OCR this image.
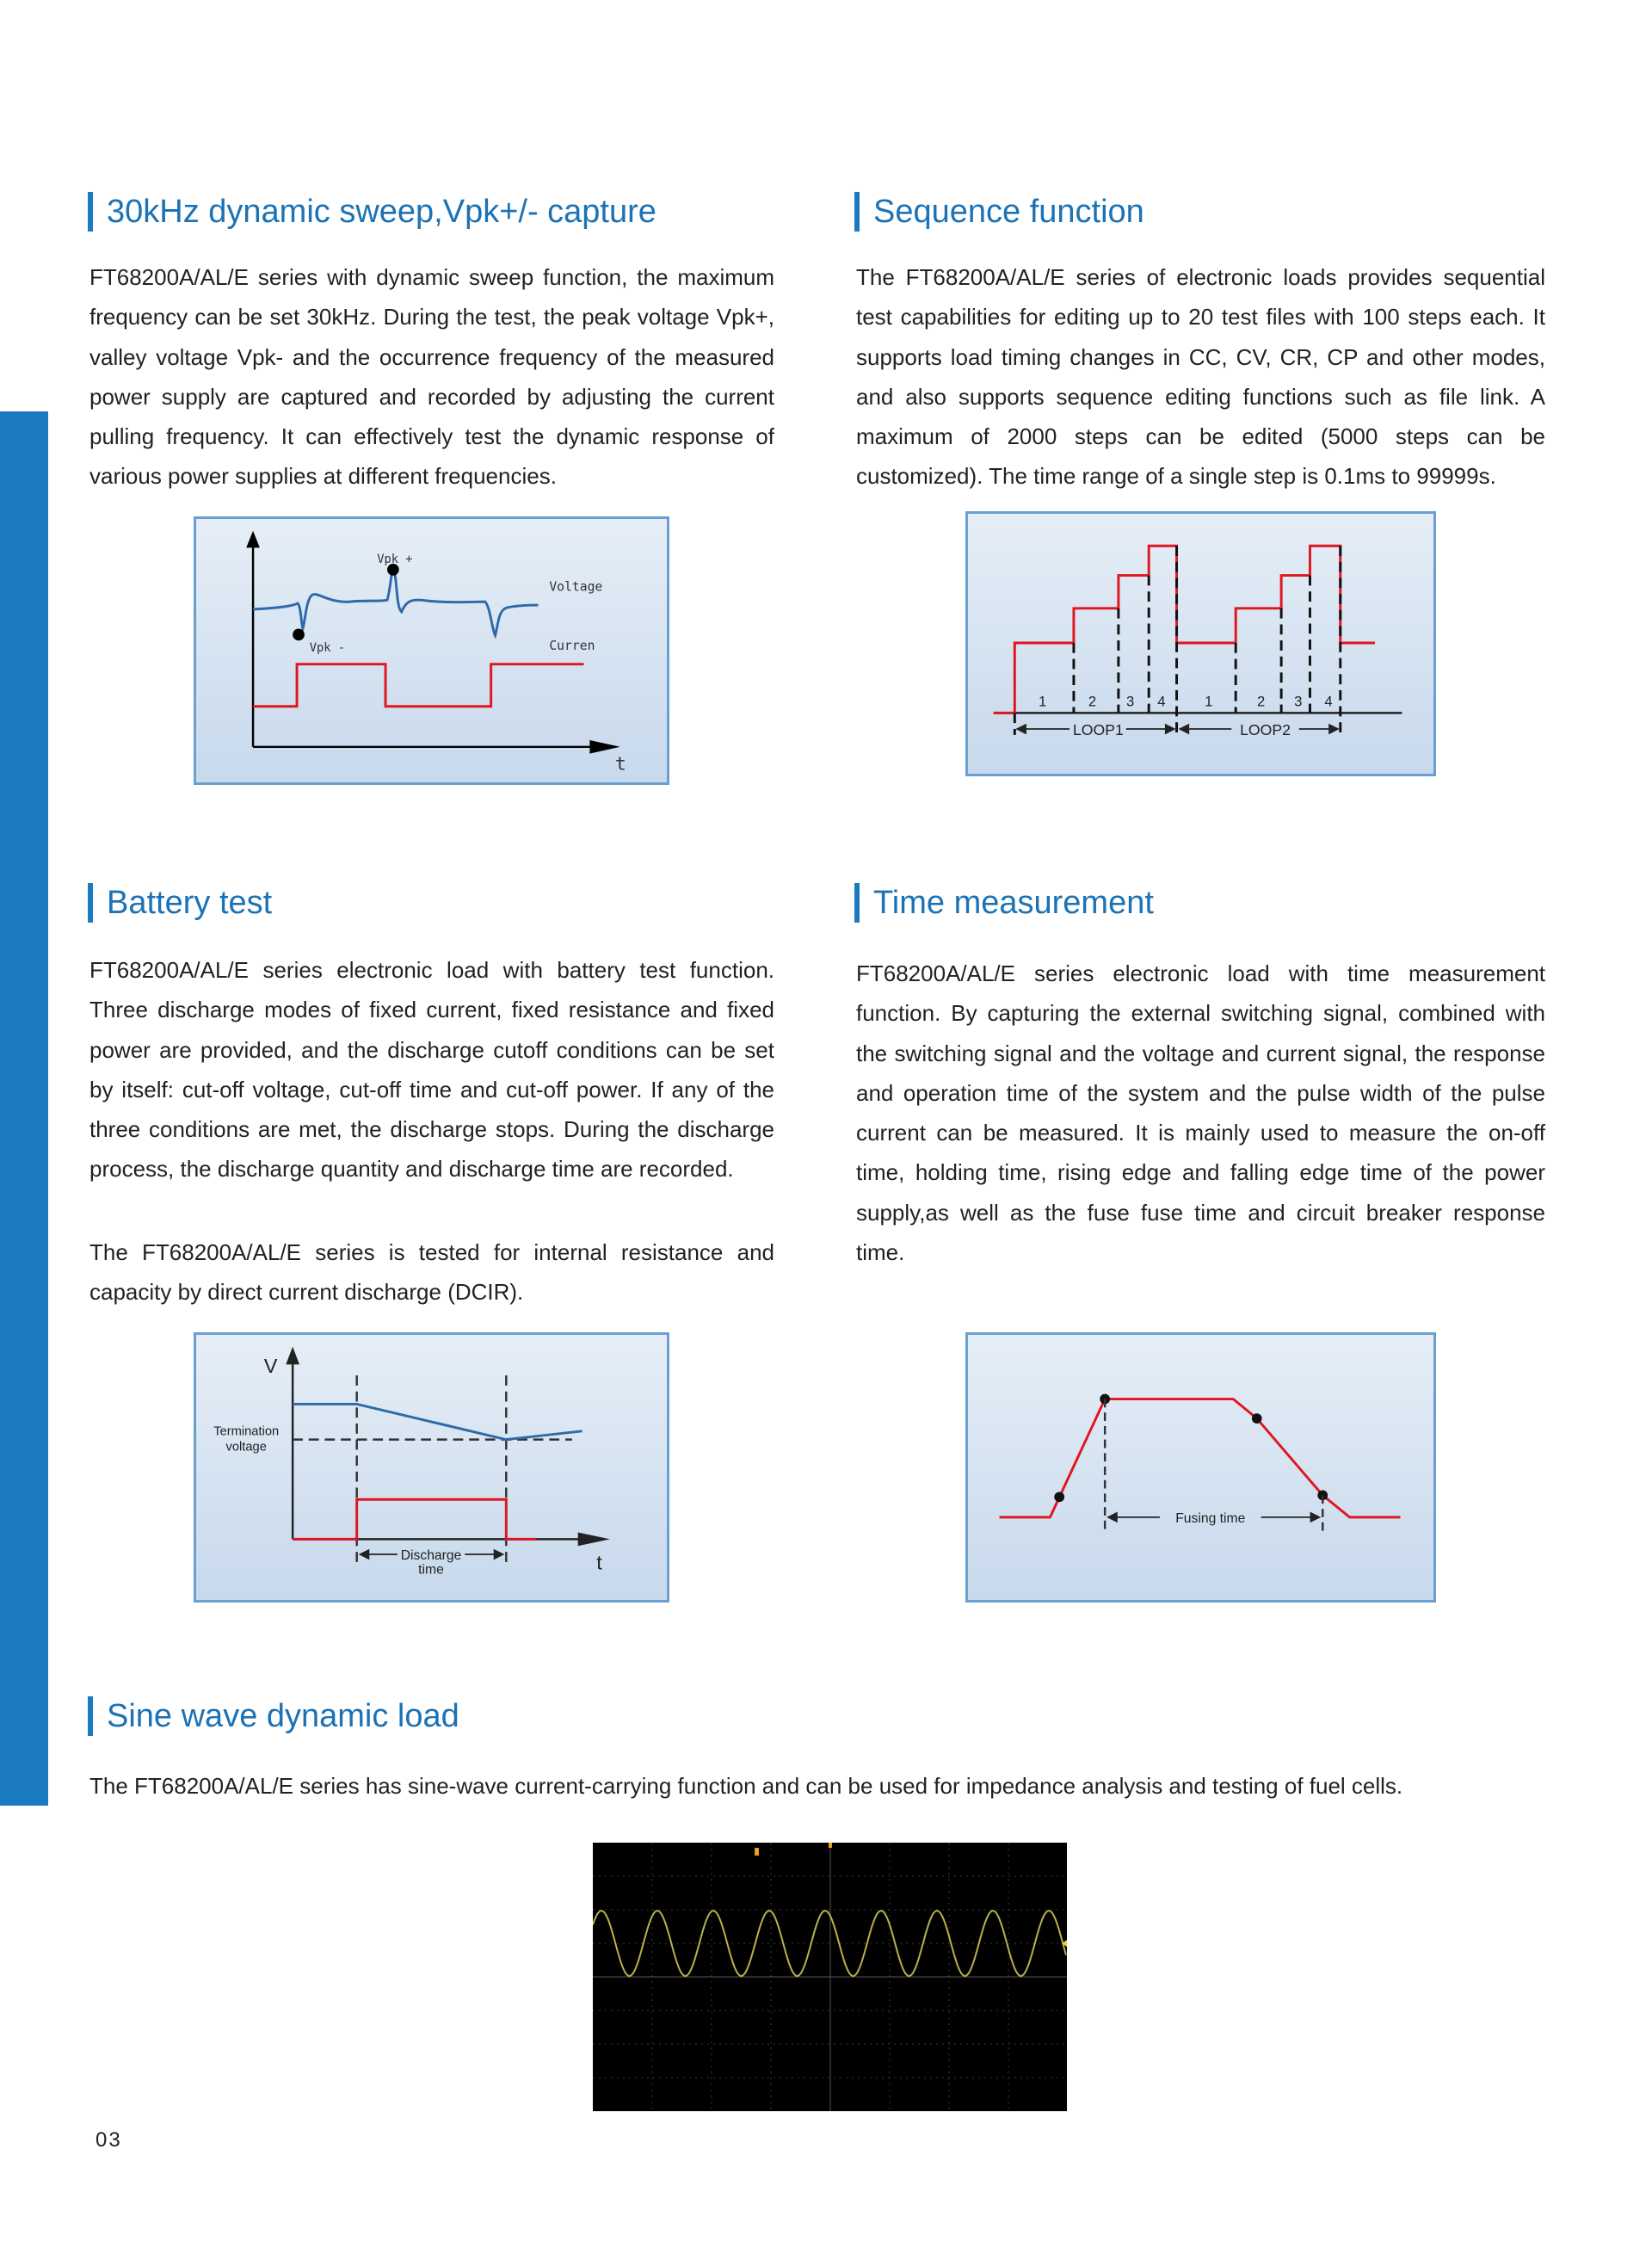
30kHz dynamic sweep,Vpk+/- capture

FT68200A/AL/E series with dynamic sweep function, the maximum frequency can be set 30kHz. During the test, the peak voltage Vpk+, valley voltage Vpk- and the occurrence frequency of the measured power supply are captured and recorded by adjusting the current pulling frequency. It can effectively test the dynamic response of various power supplies at different frequencies.

Vpk +
Vpk -
Voltage
Curren
t
Sequence function

The FT68200A/AL/E series of electronic loads provides sequential test capabilities for editing up to 20 test files with 100 steps each. It supports load timing changes in CC, CV, CR, CP and other modes, and also supports sequence editing functions such as file link. A maximum of 2000 steps can be edited (5000 steps can be customized). The time range of a single step is 0.1ms to 99999s.

1	2 3 4	1	2 3 4
LOOP1	LOOP2
Battery test

FT68200A/AL/E series electronic load with battery test function. Three discharge modes of fixed current, fixed resistance and fixed power are provided, and the discharge cutoff conditions can be set by itself: cut-off voltage, cut-off time and cut-off power. If any of the three conditions are met, the discharge stops. During the discharge process, the discharge quantity and discharge time are recorded.

The FT68200A/AL/E series is tested for internal resistance and capacity by direct current discharge (DCIR).

V
Termination
voltage
Discharge
time	t
Time measurement

FT68200A/AL/E series electronic load with time measurement function. By capturing the external switching signal, combined with the switching signal and the voltage and current signal, the response and operation time of the system and the pulse width of the pulse current can be measured. It is mainly used to measure the on-off time, holding time, rising edge and falling edge time of the power supply,as well as the fuse fuse time and circuit breaker response time.

Fusing time
Sine wave dynamic load

The FT68200A/AL/E series has sine-wave current-carrying function and can be used for impedance analysis and testing of fuel cells.

03
